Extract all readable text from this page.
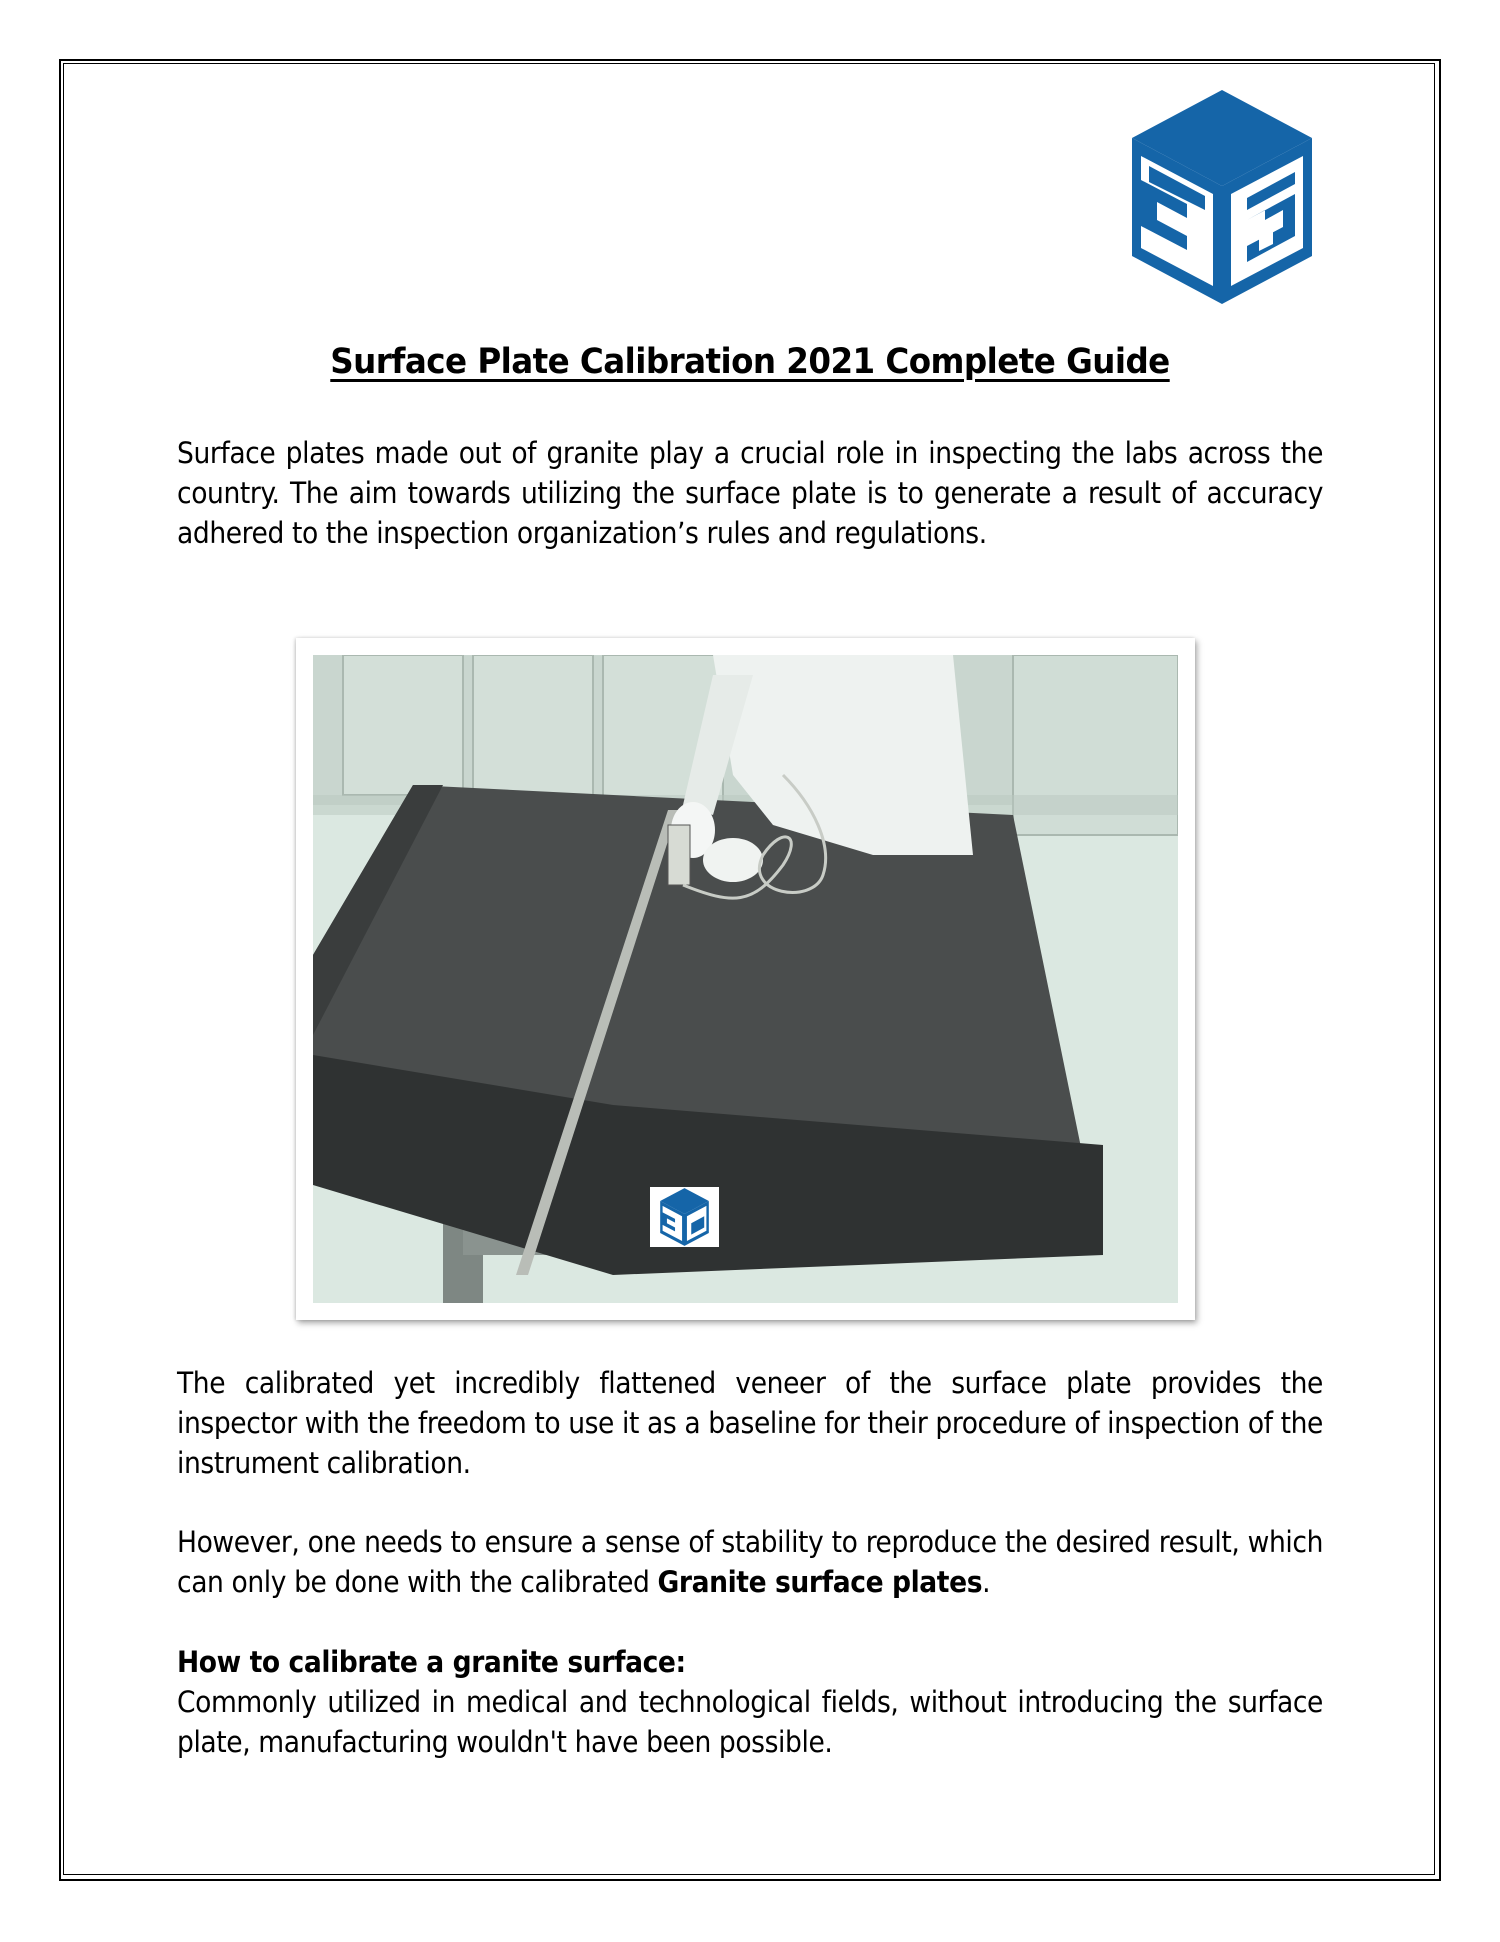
Surface Plate Calibration 2021 Complete Guide

Surface plates made out of granite play a crucial role in inspecting the labs across the country. The aim towards utilizing the surface plate is to generate a result of accuracy adhered to the inspection organization’s rules and regulations.

The calibrated yet incredibly flattened veneer of the surface plate provides the inspector with the freedom to use it as a baseline for their procedure of inspection of the instrument calibration.

However, one needs to ensure a sense of stability to reproduce the desired result, which can only be done with the calibrated Granite surface plates.

How to calibrate a granite surface:

Commonly utilized in medical and technological fields, without introducing the surface plate, manufacturing wouldn't have been possible.
